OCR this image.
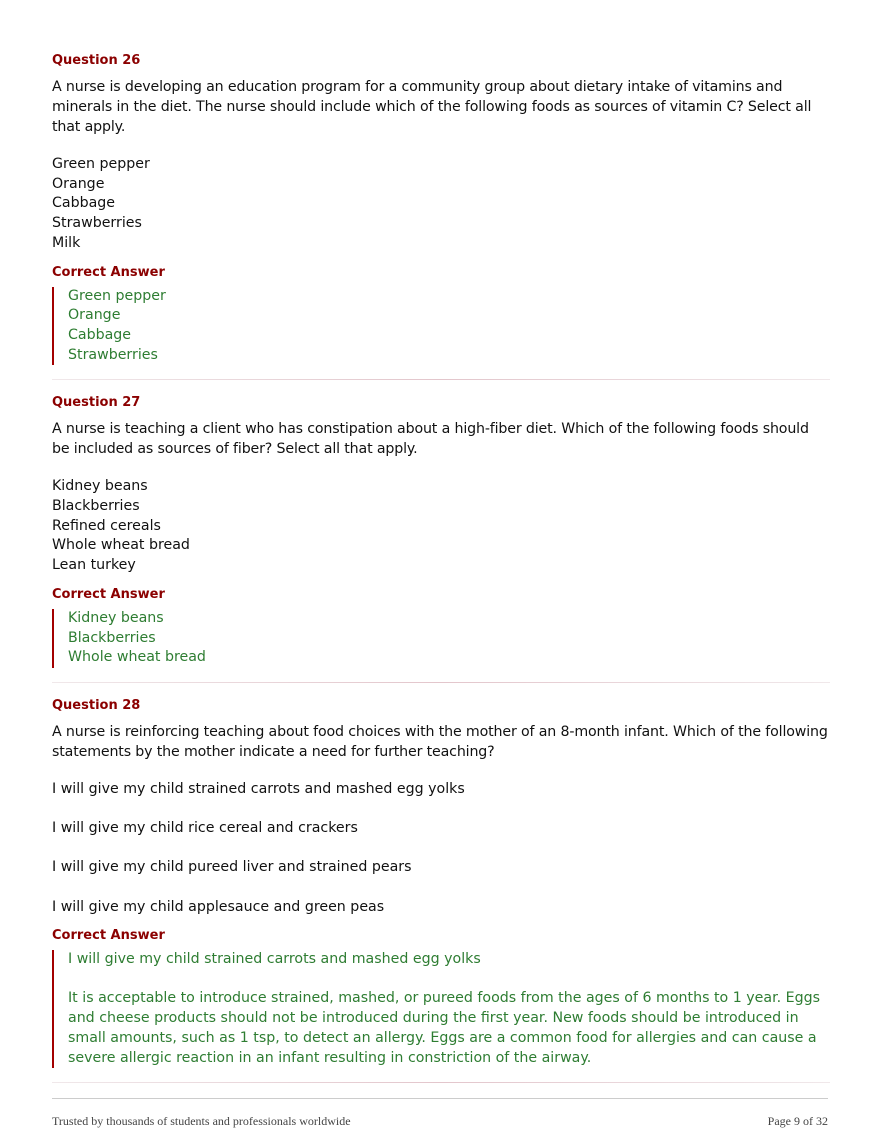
Question 26
A nurse is developing an education program for a community group about dietary intake of vitamins and minerals in the diet. The nurse should include which of the following foods as sources of vitamin C? Select all that apply.
Green pepper
Orange
Cabbage
Strawberries
Milk
Correct Answer
Green pepper
Orange
Cabbage
Strawberries
Question 27
A nurse is teaching a client who has constipation about a high-fiber diet. Which of the following foods should be included as sources of fiber? Select all that apply.
Kidney beans
Blackberries
Refined cereals
Whole wheat bread
Lean turkey
Correct Answer
Kidney beans
Blackberries
Whole wheat bread
Question 28
A nurse is reinforcing teaching about food choices with the mother of an 8-month infant. Which of the following statements by the mother indicate a need for further teaching?
I will give my child strained carrots and mashed egg yolks
I will give my child rice cereal and crackers
I will give my child pureed liver and strained pears
I will give my child applesauce and green peas
Correct Answer
I will give my child strained carrots and mashed egg yolks
It is acceptable to introduce strained, mashed, or pureed foods from the ages of 6 months to 1 year. Eggs and cheese products should not be introduced during the first year. New foods should be introduced in small amounts, such as 1 tsp, to detect an allergy. Eggs are a common food for allergies and can cause a severe allergic reaction in an infant resulting in constriction of the airway.
Trusted by thousands of students and professionals worldwide	Page 9 of 32
